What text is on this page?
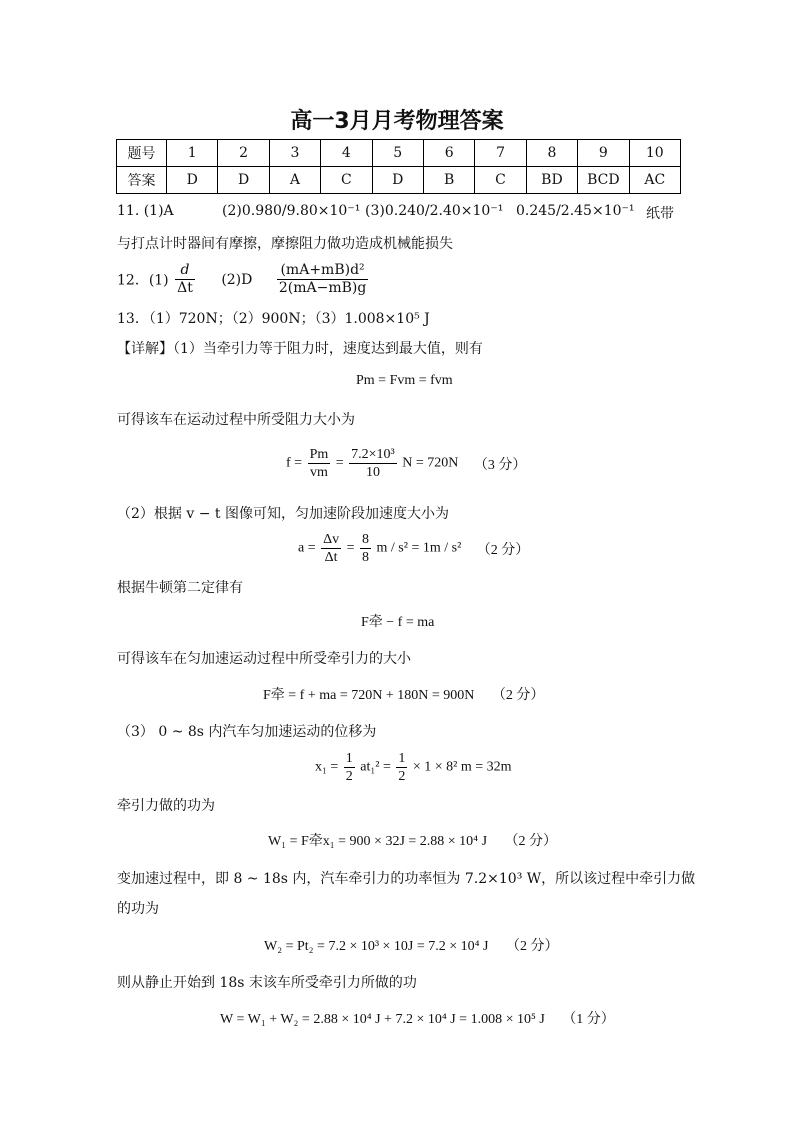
高一3月月考物理答案
题号	1	2	3	4	5	6	7	8	9	10
答案	D	D	A	C	D	B	C	BD	BCD	AC
11. (1)A	(2)0.980/9.80×10⁻¹ (3)0.240/2.40×10⁻¹ 0.245/2.45×10⁻¹ 纸带
与打点计时器间有摩擦，摩擦阻力做功造成机械能损失
12．$(1) \frac{d}{\Delta t} (2)D \frac{\text{(mA+mB)d²}}{2(mA-mB)g}$
13．（1）720N；（2）900N；（3）1.008×10⁵ J
【详解】（1）当牵引力等于阻力时，速度达到最大值，则有
Pm = Fvm = fvm
可得该车在运动过程中所受阻力大小为
$f = \frac{Pm}{vm} = \frac{\text{7.2×10³}}{10}$ N = 720N （3 分）
（2）根据 v − t 图像可知，匀加速阶段加速度大小为
$a = \frac{\Delta v}{\Delta t} = \frac{8}{8}$ m / s² = 1m / s² （2 分）
根据牛顿第二定律有
F牵 − f = ma
可得该车在匀加速运动过程中所受牵引力的大小
F牵 = f + ma = 720N + 180N = 900N （2 分）
（3） 0 ~ 8s 内汽车匀加速运动的位移为
$x_1 = \frac{1}{2} at_1^2 = \frac{1}{2} \times 1 \times 8^2$ m = 32m
牵引力做的功为
W₁ = F牵x₁ = 900 × 32J = 2.88 × 10⁴ J （2 分）
变加速过程中，即 8 ~ 18s 内，汽车牵引力的功率恒为 7.2×10³ W，所以该过程中牵引力做
的功为
W₂ = Pt₂ = 7.2 × 10³ × 10J = 7.2 × 10⁴ J （2 分）
则从静止开始到 18s 末该车所受牵引力所做的功
W = W₁ + W₂ = 2.88 × 10⁴ J + 7.2 × 10⁴ J = 1.008 × 10⁵ J （1 分）
